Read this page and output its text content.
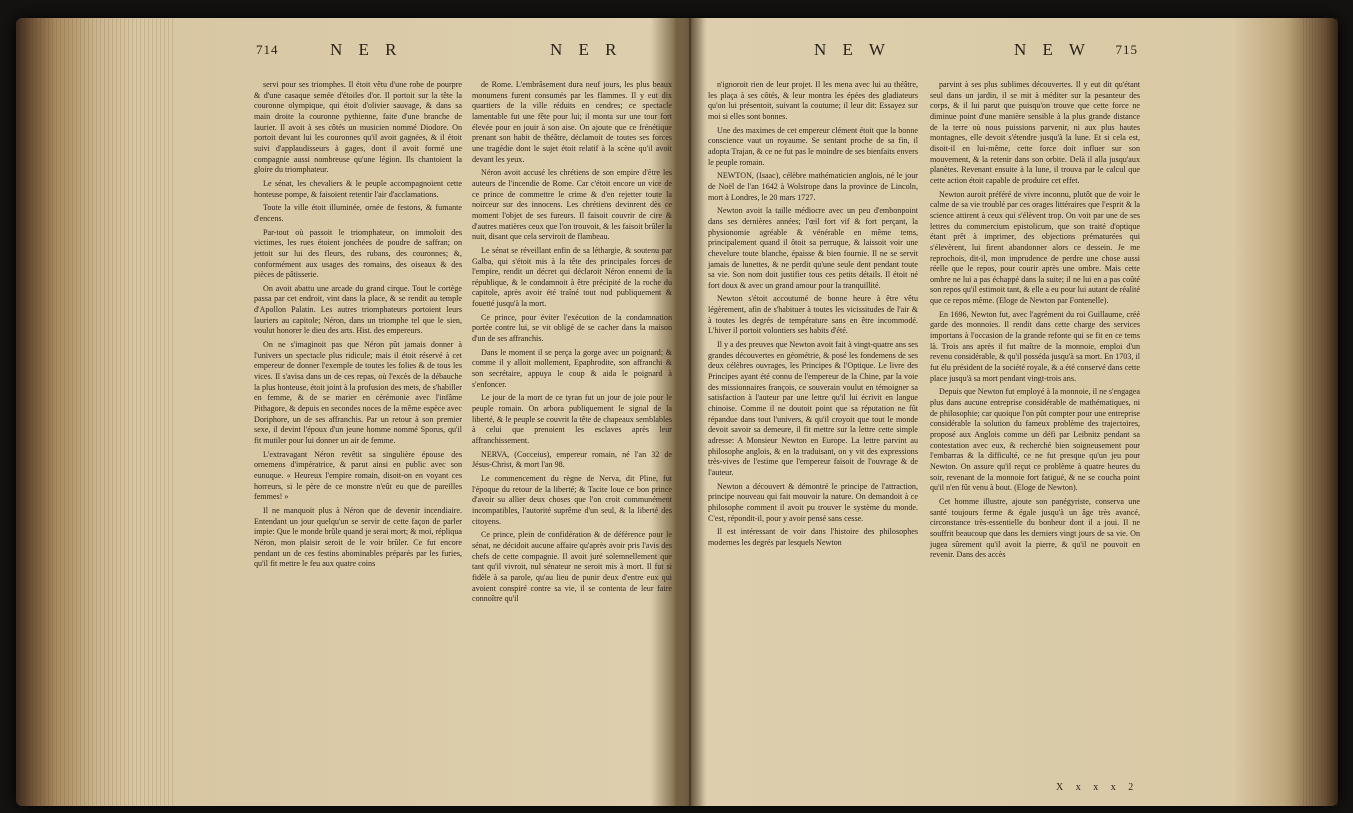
714	N E R	N E R

servi pour ses triomphes. Il étoit vêtu d'une robe de pourpre & d'une casaque semée d'étoiles d'or. Il portoit sur la tête la couronne olympique, qui étoit d'olivier sauvage, & dans sa main droite la couronne pythienne, faite d'une branche de laurier. Il avoit à ses côtés un musicien nommé Diodore. On portoit devant lui les couronnes qu'il avoit gagnées, & il étoit suivi d'applaudisseurs à gages, dont il avoit formé une compagnie aussi nombreuse qu'une légion. Ils chantoient la gloire du triomphateur.

Le sénat, les chevaliers & le peuple accompagnoient cette honteuse pompe, & faisoient retentir l'air d'acclamations.

Toute la ville étoit illuminée, ornée de festons, & fumante d'encens.

Par-tout où passoit le triomphateur, on immoloit des victimes, les rues étoient jonchées de poudre de saffran; on jettoit sur lui des fleurs, des rubans, des couronnes; &, conformément aux usages des romains, des oiseaux & des pièces de pâtisserie.

On avoit abattu une arcade du grand cirque. Tout le cortège passa par cet endroit, vint dans la place, & se rendit au temple d'Apollon Palatin. Les autres triomphateurs portoient leurs lauriers au capitole; Néron, dans un triomphe tel que le sien, voulut honorer le dieu des arts. Hist. des empereurs.

On ne s'imaginoit pas que Néron pût jamais donner à l'univers un spectacle plus ridicule; mais il étoit réservé à cet empereur de donner l'exemple de toutes les folies & de tous les vices. Il s'avisa dans un de ces repas, où l'excès de la débauche la plus honteuse, étoit joint à la profusion des mets, de s'habiller en femme, & de se marier en cérémonie avec l'infâme Pithagore, & depuis en secondes noces de la même espèce avec Doriphore, un de ses affranchis. Par un retour à son premier sexe, il devint l'époux d'un jeune homme nommé Sporus, qu'il fit mutiler pour lui donner un air de femme.

L'extravagant Néron revêtit sa singulière épouse des ornemens d'impératrice, & parut ainsi en public avec son eunuque. « Heureux l'empire romain, disoit-on en voyant ces horreurs, si le père de ce monstre n'eût eu que de pareilles femmes! »

Il ne manquoit plus à Néron que de devenir incendiaire. Entendant un jour quelqu'un se servir de cette façon de parler impie: Que le monde brûle quand je serai mort; & moi, répliqua Néron, mon plaisir seroit de le voir brûler. Ce fut encore pendant un de ces festins abominables préparés par les furies, qu'il fit mettre le feu aux quatre coins

de Rome. L'embrâsement dura neuf jours, les plus beaux monumens furent consumés par les flammes. Il y eut dix quartiers de la ville réduits en cendres; ce spectacle lamentable fut une fête pour lui; il monta sur une tour fort élevée pour en jouir à son aise. On ajoute que ce frénétique prenant son habit de théâtre, déclamoit de toutes ses forces une tragédie dont le sujet étoit relatif à la scène qu'il avoit devant les yeux.

Néron avoit accusé les chrétiens de son empire d'être les auteurs de l'incendie de Rome. Car c'étoit encore un vice de ce prince de commettre le crime & d'en rejetter toute la noirceur sur des innocens. Les chrétiens devinrent dès ce moment l'objet de ses fureurs. Il faisoit couvrir de cire & d'autres matières ceux que l'on trouvoit, & les faisoit brûler la nuit, disant que cela serviroit de flambeau.

Le sénat se réveillant enfin de sa léthargie, & soutenu par Galba, qui s'étoit mis à la tête des principales forces de l'empire, rendit un décret qui déclaroit Néron ennemi de la république, & le condamnoit à être précipité de la roche du capitole, après avoir été traîné tout nud publiquement & fouetté jusqu'à la mort.

Ce prince, pour éviter l'exécution de la condamnation portée contre lui, se vit obligé de se cacher dans la maison d'un de ses affranchis.

Dans le moment il se perça la gorge avec un poignard; & comme il y alloit mollement, Epaphrodite, son affranchi & son secrétaire, appuya le coup & aida le poignard à s'enfoncer.

Le jour de la mort de ce tyran fut un jour de joie pour le peuple romain. On arbora publiquement le signal de la liberté, & le peuple se couvrit la tête de chapeaux semblables à celui que prenoient les esclaves après leur affranchissement.

NERVA, (Cocceius), empereur romain, né l'an 32 de Jésus-Christ, & mort l'an 98.

Le commencement du règne de Nerva, dit Pline, fut l'époque du retour de la liberté; & Tacite loue ce bon prince d'avoir su allier deux choses que l'on croit communément incompatibles, l'autorité suprême d'un seul, & la liberté des citoyens.

Ce prince, plein de confidération & de déférence pour le sénat, ne décidoit aucune affaire qu'après avoir pris l'avis des chefs de cette compagnie. Il avoit juré solemnellement que tant qu'il vivroit, nul sénateur ne seroit mis à mort. Il fut si fidèle à sa parole, qu'au lieu de punir deux d'entre eux qui avoient conspiré contre sa vie, il se contenta de leur faire connoître qu'il

N E W	N E W 715

n'ignoroit rien de leur projet. Il les mena avec lui au théâtre, les plaça à ses côtés, & leur montra les épées des gladiateurs qu'on lui présentoit, suivant la coutume; il leur dit: Essayez sur moi si elles sont bonnes.

Une des maximes de cet empereur clément étoit que la bonne conscience vaut un royaume. Se sentant proche de sa fin, il adopta Trajan, & ce ne fut pas le moindre de ses bienfaits envers le peuple romain.

NEWTON, (Isaac), célèbre mathématicien anglois, né le jour de Noël de l'an 1642 à Wolstrope dans la province de Lincoln, mort à Londres, le 20 mars 1727.

Newton avoit la taille médiocre avec un peu d'embonpoint dans ses dernières années; l'œil fort vif & fort perçant, la physionomie agréable & vénérable en même tems, principalement quand il ôtoit sa perruque, & laissoit voir une chevelure toute blanche, épaisse & bien fournie. Il ne se servit jamais de lunettes, & ne perdit qu'une seule dent pendant toute sa vie. Son nom doit justifier tous ces petits détails. Il étoit né fort doux & avec un grand amour pour la tranquillité.

Newton s'étoit accoutumé de bonne heure à être vêtu légèrement, afin de s'habituer à toutes les vicissitudes de l'air & à toutes les degrés de température sans en être incommodé. L'hiver il portoit volontiers ses habits d'été.

Il y a des preuves que Newton avoit fait à vingt-quatre ans ses grandes découvertes en géométrie, & posé les fondemens de ses deux célèbres ouvrages, les Principes & l'Optique. Le livre des Principes ayant été connu de l'empereur de la Chine, par la voie des missionnaires françois, ce souverain voulut en témoigner sa satisfaction à l'auteur par une lettre qu'il lui écrivit en langue chinoise. Comme il ne doutoit point que sa réputation ne fût répandue dans tout l'univers, & qu'il croyoit que tout le monde devoit savoir sa demeure, il fit mettre sur la lettre cette simple adresse: A Monsieur Newton en Europe. La lettre parvint au philosophe anglois, & en la traduisant, on y vit des expressions très-vives de l'estime que l'empereur faisoit de l'ouvrage & de l'auteur.

Newton a découvert & démontré le principe de l'attraction, principe nouveau qui fait mouvoir la nature. On demandoit à ce philosophe comment il avoit pu trouver le système du monde. C'est, répondit-il, pour y avoir pensé sans cesse.

Il est intéressant de voir dans l'histoire des philosophes modernes les degrés par lesquels Newton

parvint à ses plus sublimes découvertes. Il y eut dit qu'étant seul dans un jardin, il se mit à méditer sur la pesanteur des corps, & il lui parut que puisqu'on trouve que cette force ne diminue point d'une manière sensible à la plus grande distance de la terre où nous puissions parvenir, ni aux plus hautes montagnes, elle devoit s'étendre jusqu'à la lune. Et si cela est, disoit-il en lui-même, cette force doit influer sur son mouvement, & la retenir dans son orbite. Delà il alla jusqu'aux planètes. Revenant ensuite à la lune, il trouva par le calcul que cette action étoit capable de produire cet effet.

Newton auroit préféré de vivre inconnu, plutôt que de voir le calme de sa vie troublé par ces orages littéraires que l'esprit & la science attirent à ceux qui s'élèvent trop. On voit par une de ses lettres du commercium epistolicum, que son traité d'optique étant prêt à imprimer, des objections prématurées qui s'élevèrent, lui firent abandonner alors ce dessein. Je me reprochois, dit-il, mon imprudence de perdre une chose aussi réelle que le repos, pour courir après une ombre. Mais cette ombre ne lui a pas échappé dans la suite; il ne lui en a pas coûté son repos qu'il estimoit tant, & elle a eu pour lui autant de réalité que ce repos même. (Eloge de Newton par Fontenelle).

En 1696, Newton fut, avec l'agrément du roi Guillaume, créé garde des monnoies. Il rendit dans cette charge des services importans à l'occasion de la grande refonte qui se fit en ce tems là. Trois ans après il fut maître de la monnoie, emploi d'un revenu considérable, & qu'il posséda jusqu'à sa mort. En 1703, il fut élu président de la société royale, & a été conservé dans cette place jusqu'à sa mort pendant vingt-trois ans.

Depuis que Newton fut employé à la monnoie, il ne s'engagea plus dans aucune entreprise considérable de mathématiques, ni de philosophie; car quoique l'on pût compter pour une entreprise considérable la solution du fameux problème des trajectoires, proposé aux Anglois comme un défi par Leibnitz pendant sa contestation avec eux, & recherché bien soigneusement pour l'embarras & la difficulté, ce ne fut presque qu'un jeu pour Newton. On assure qu'il reçut ce problème à quatre heures du soir, revenant de la monnoie fort fatigué, & ne se coucha point qu'il n'en fût venu à bout. (Eloge de Newton).

Cet homme illustre, ajoute son panégyriste, conserva une santé toujours ferme & égale jusqu'à un âge très avancé, circonstance très-essentielle du bonheur dont il a joui. Il ne souffrit beaucoup que dans les derniers vingt jours de sa vie. On jugea sûrement qu'il avoit la pierre, & qu'il ne pouvoit en revenir. Dans des accès

X x x x 2
